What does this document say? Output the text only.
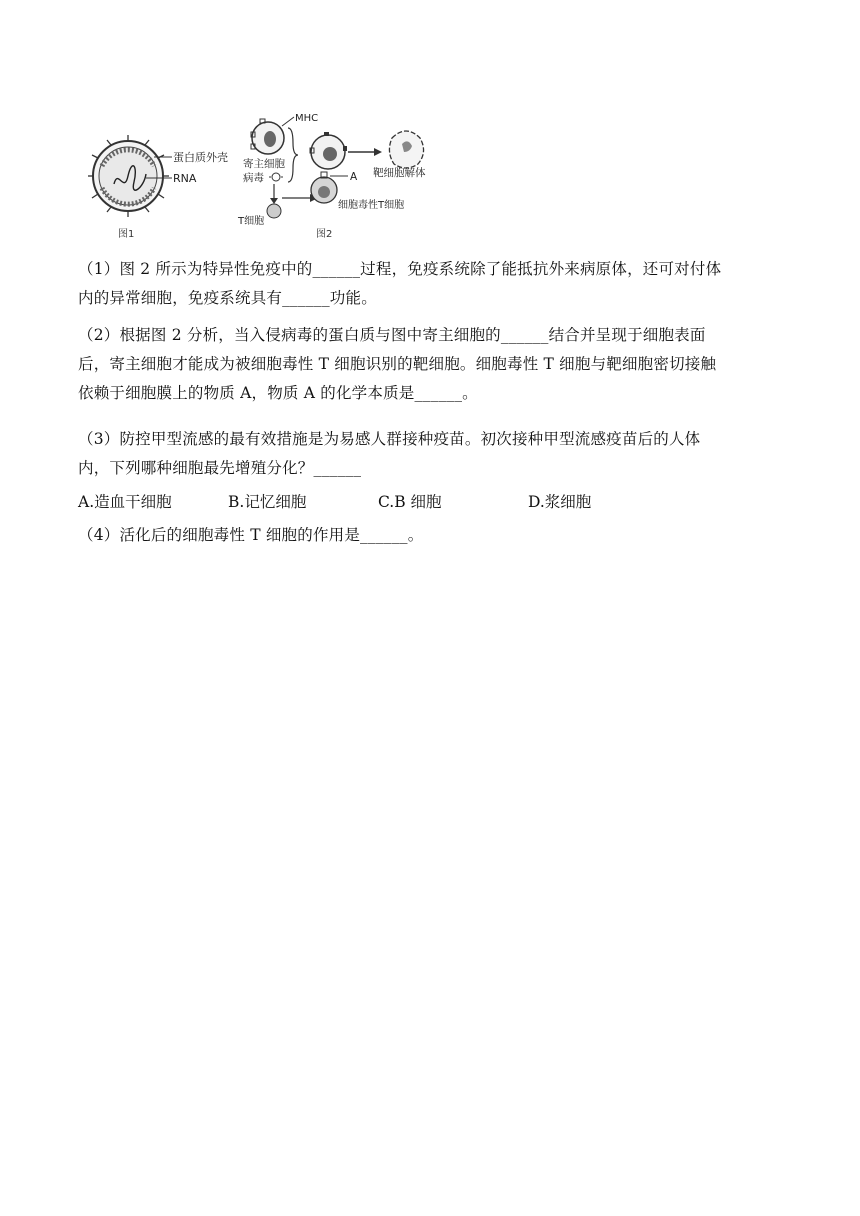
蛋白质外壳
RNA
图1
MHC
寄主细胞
病毒
T细胞
A
细胞毒性T细胞
靶细胞解体
图2

（1）图 2 所示为特异性免疫中的______过程，免疫系统除了能抵抗外来病原体，还可对付体

内的异常细胞，免疫系统具有______功能。

（2）根据图 2 分析，当入侵病毒的蛋白质与图中寄主细胞的______结合并呈现于细胞表面

后，寄主细胞才能成为被细胞毒性 T 细胞识别的靶细胞。细胞毒性 T 细胞与靶细胞密切接触

依赖于细胞膜上的物质 A，物质 A 的化学本质是______。

（3）防控甲型流感的最有效措施是为易感人群接种疫苗。初次接种甲型流感疫苗后的人体

内，下列哪种细胞最先增殖分化？______

A.造血干细胞	B.记忆细胞	C.B 细胞	D.浆细胞

（4）活化后的细胞毒性 T 细胞的作用是______。
